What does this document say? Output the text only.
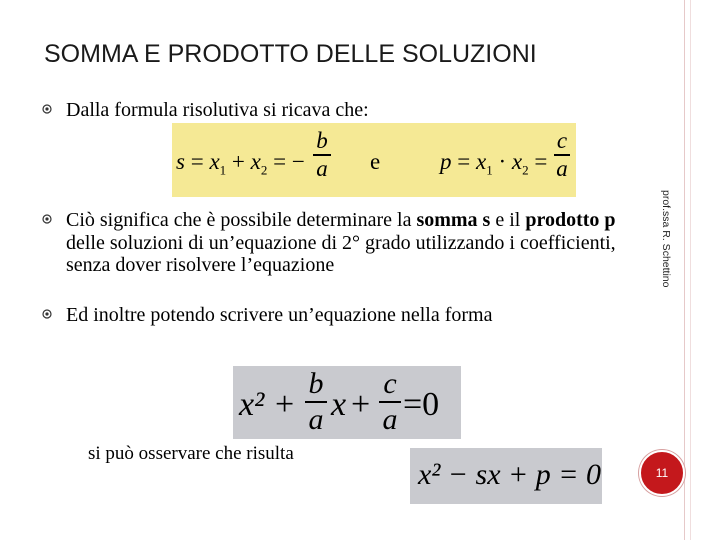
SOMMA E PRODOTTO DELLE SOLUZIONI
Dalla formula risolutiva si ricava che:
$s = x_1 + x_2$ = −
b
a e	$p = x_1 \cdot x_2$ =
c
a
Ciò significa che è possibile determinare la somma s e il prodotto p delle soluzioni di un’equazione di 2° grado utilizzando i coefficienti, senza dover risolvere l’equazione
Ed inoltre potendo scrivere un’equazione nella forma
x² +
b
a x +
c
a =0
si può osservare che risulta
x² − sx + p = 0
prof.ssa R. Schettino
11
